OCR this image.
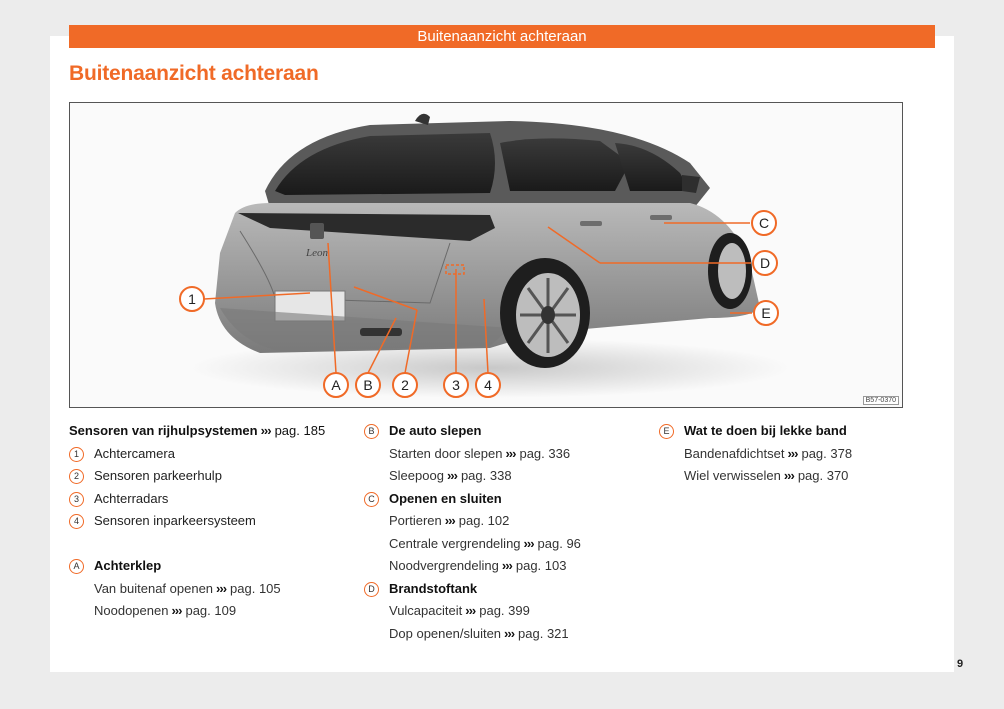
Buitenaanzicht achteraan
Buitenaanzicht achteraan
Leon
A B 2	3 4
1
C
D
E
B57-0370
Sensoren van rijhulpsystemen ››› pag. 185
1	Achtercamera
2	Sensoren parkeerhulp
3	Achterradars
4	Sensoren inparkeersysteem
A	Achterklep
Van buitenaf openen ››› pag. 105
Noodopenen ››› pag. 109
B	De auto slepen
Starten door slepen ››› pag. 336
Sleepoog ››› pag. 338
C	Openen en sluiten
Portieren ››› pag. 102
Centrale vergrendeling ››› pag. 96
Noodvergrendeling ››› pag. 103
D	Brandstoftank
Vulcapaciteit ››› pag. 399
Dop openen/sluiten ››› pag. 321
E	Wat te doen bij lekke band
Bandenafdichtset ››› pag. 378
Wiel verwisselen ››› pag. 370
9
